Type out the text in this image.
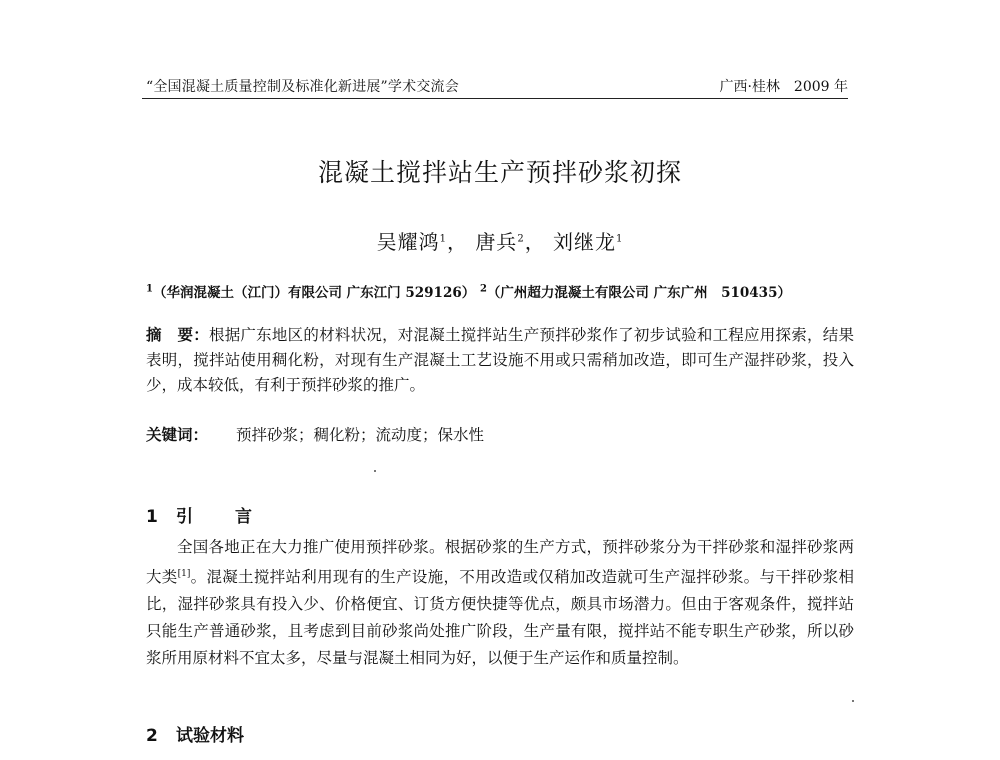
“全国混凝土质量控制及标准化新进展”学术交流会	广西·桂林　2009 年
混凝土搅拌站生产预拌砂浆初探
吴耀鸿$^1$， 唐兵$^2$， 刘继龙$^1$
$^1$（华润混凝土（江门）有限公司 广东江门 529126） $^2$（广州超力混凝土有限公司 广东广州　510435）
摘　要：根据广东地区的材料状况，对混凝土搅拌站生产预拌砂浆作了初步试验和工程应用探索，结果表明，搅拌站使用稠化粉，对现有生产混凝土工艺设施不用或只需稍加改造，即可生产湿拌砂浆，投入少，成本较低，有利于预拌砂浆的推广。
关键词： 预拌砂浆；稠化粉；流动度；保水性
1 引 言
全国各地正在大力推广使用预拌砂浆。根据砂浆的生产方式，预拌砂浆分为干拌砂浆和湿拌砂浆两大类[1]。混凝土搅拌站利用现有的生产设施，不用改造或仅稍加改造就可生产湿拌砂浆。与干拌砂浆相比，湿拌砂浆具有投入少、价格便宜、订货方便快捷等优点，颇具市场潜力。但由于客观条件，搅拌站只能生产普通砂浆，且考虑到目前砂浆尚处推广阶段，生产量有限，搅拌站不能专职生产砂浆，所以砂浆所用原材料不宜太多，尽量与混凝土相同为好，以便于生产运作和质量控制。
2 试验材料
